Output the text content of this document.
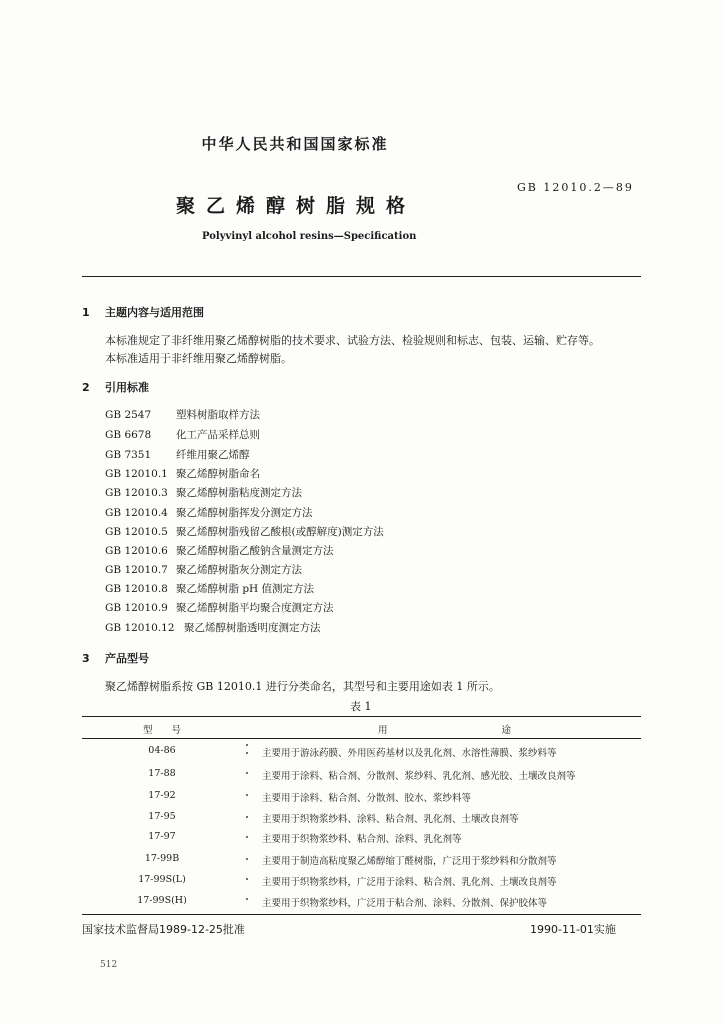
中华人民共和国国家标准
GB 12010.2—89
聚乙烯醇树脂规格
Polyvinyl alcohol resins—Specification
1 主题内容与适用范围
本标准规定了非纤维用聚乙烯醇树脂的技术要求、试验方法、检验规则和标志、包装、运输、贮存等。
本标准适用于非纤维用聚乙烯醇树脂。
2 引用标准
GB 2547 塑料树脂取样方法
GB 6678 化工产品采样总则
GB 7351 纤维用聚乙烯醇
GB 12010.1 聚乙烯醇树脂命名
GB 12010.3 聚乙烯醇树脂粘度测定方法
GB 12010.4 聚乙烯醇树脂挥发分测定方法
GB 12010.5 聚乙烯醇树脂残留乙酸根(或醇解度)测定方法
GB 12010.6 聚乙烯醇树脂乙酸钠含量测定方法
GB 12010.7 聚乙烯醇树脂灰分测定方法
GB 12010.8 聚乙烯醇树脂 pH 值测定方法
GB 12010.9 聚乙烯醇树脂平均聚合度测定方法
GB 12010.12 聚乙烯醇树脂透明度测定方法
3 产品型号
聚乙烯醇树脂系按 GB 12010.1 进行分类命名，其型号和主要用途如表 1 所示。
表 1
型　　号	用　　　　　　　　　　　　途
04-86	主要用于游泳药膜、外用医药基材以及乳化剂、水溶性薄膜、浆纱料等
17-88	主要用于涂料、粘合剂、分散剂、浆纱料、乳化剂、感光胶、土壤改良剂等
17-92	主要用于涂料、粘合剂、分散剂、胶水、浆纱料等
17-95	主要用于织物浆纱料、涂料、粘合剂、乳化剂、土壤改良剂等
17-97	主要用于织物浆纱料、粘合剂、涂料、乳化剂等
17-99B	主要用于制造高粘度聚乙烯醇缩丁醛树脂，广泛用于浆纱料和分散剂等
17-99S(L)	主要用于织物浆纱料，广泛用于涂料、粘合剂、乳化剂、土壤改良剂等
17-99S(H)	主要用于织物浆纱料，广泛用于粘合剂、涂料、分散剂、保护胶体等
国家技术监督局1989-12-25批准	1990-11-01实施
512
